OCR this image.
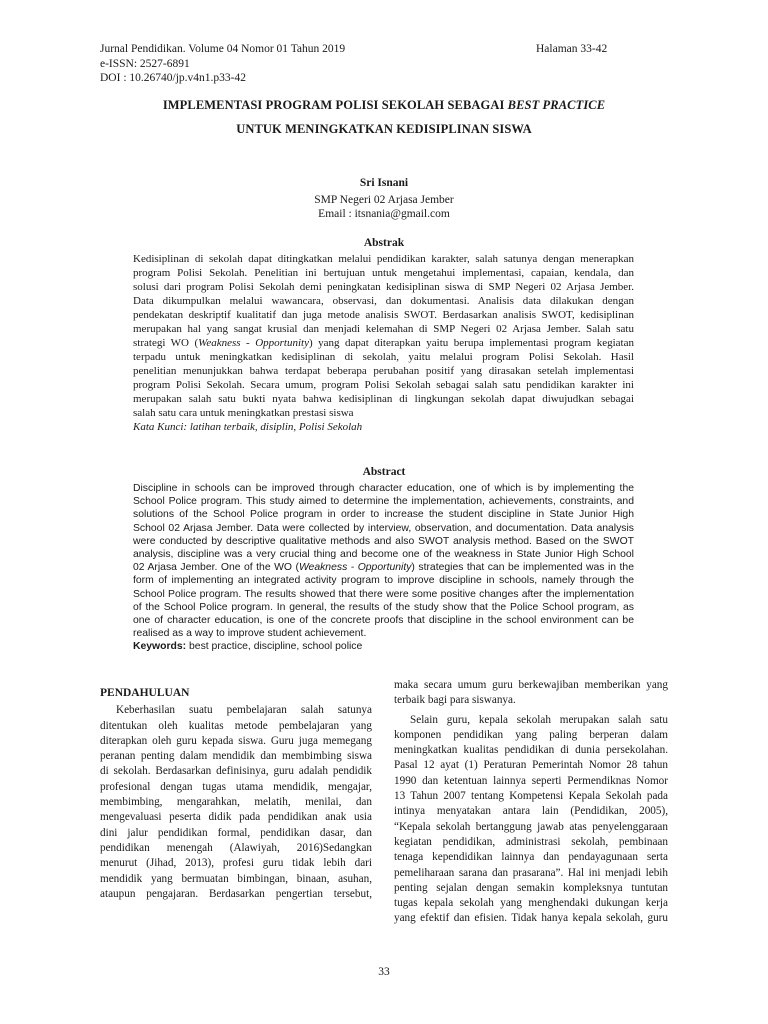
Jurnal Pendidikan. Volume 04 Nomor 01 Tahun 2019
e-ISSN: 2527-6891
DOI : 10.26740/jp.v4n1.p33-42
Halaman 33-42
IMPLEMENTASI PROGRAM POLISI SEKOLAH SEBAGAI BEST PRACTICE
UNTUK MENINGKATKAN KEDISIPLINAN SISWA
Sri Isnani
SMP Negeri 02 Arjasa Jember
Email : itsnania@gmail.com
Abstrak
Kedisiplinan di sekolah dapat ditingkatkan melalui pendidikan karakter, salah satunya dengan menerapkan
program Polisi Sekolah. Penelitian ini bertujuan untuk mengetahui implementasi, capaian, kendala, dan
solusi dari program Polisi Sekolah demi peningkatan kedisiplinan siswa di SMP Negeri 02 Arjasa Jember.
Data dikumpulkan melalui wawancara, observasi, dan dokumentasi. Analisis data dilakukan dengan
pendekatan deskriptif kualitatif dan juga metode analisis SWOT. Berdasarkan analisis SWOT, kedisiplinan
merupakan hal yang sangat krusial dan menjadi kelemahan di SMP Negeri 02 Arjasa Jember. Salah satu
strategi WO (Weakness - Opportunity) yang dapat diterapkan yaitu berupa implementasi program kegiatan
terpadu untuk meningkatkan kedisiplinan di sekolah, yaitu melalui program Polisi Sekolah. Hasil
penelitian menunjukkan bahwa terdapat beberapa perubahan positif yang dirasakan setelah implementasi
program Polisi Sekolah. Secara umum, program Polisi Sekolah sebagai salah satu pendidikan karakter ini
merupakan salah satu bukti nyata bahwa kedisiplinan di lingkungan sekolah dapat diwujudkan sebagai
salah satu cara untuk meningkatkan prestasi siswa
Kata Kunci: latihan terbaik, disiplin, Polisi Sekolah
Abstract
Discipline in schools can be improved through character education, one of which is by implementing the
School Police program. This study aimed to determine the implementation, achievements, constraints, and
solutions of the School Police program in order to increase the student discipline in State Junior High
School 02 Arjasa Jember. Data were collected by interview, observation, and documentation. Data analysis
were conducted by descriptive qualitative methods and also SWOT analysis method. Based on the SWOT
analysis, discipline was a very crucial thing and become one of the weakness in State Junior High School
02 Arjasa Jember. One of the WO (Weakness - Opportunity) strategies that can be implemented was in the
form of implementing an integrated activity program to improve discipline in schools, namely through the
School Police program. The results showed that there were some positive changes after the implementation
of the School Police program. In general, the results of the study show that the Police School program, as
one of character education, is one of the concrete proofs that discipline in the school environment can be
realised as a way to improve student achievement.
Keywords: best practice, discipline, school police
PENDAHULUAN
Keberhasilan suatu pembelajaran salah satunya
ditentukan oleh kualitas metode pembelajaran yang
diterapkan oleh guru kepada siswa. Guru juga memegang
peranan penting dalam mendidik dan membimbing siswa
di sekolah. Berdasarkan definisinya, guru adalah pendidik
profesional dengan tugas utama mendidik, mengajar,
membimbing, mengarahkan, melatih, menilai, dan
mengevaluasi peserta didik pada pendidikan anak usia
dini jalur pendidikan formal, pendidikan dasar, dan
pendidikan menengah (Alawiyah, 2016)Sedangkan
menurut (Jihad, 2013), profesi guru tidak lebih dari
mendidik yang bermuatan bimbingan, binaan, asuhan,
ataupun pengajaran. Berdasarkan pengertian tersebut,
maka secara umum guru berkewajiban memberikan yang
terbaik bagi para siswanya.
Selain guru, kepala sekolah merupakan salah satu
komponen pendidikan yang paling berperan dalam
meningkatkan kualitas pendidikan di dunia persekolahan.
Pasal 12 ayat (1) Peraturan Pemerintah Nomor 28 tahun
1990 dan ketentuan lainnya seperti Permendiknas Nomor
13 Tahun 2007 tentang Kompetensi Kepala Sekolah pada
intinya menyatakan antara lain (Pendidikan, 2005),
“Kepala sekolah bertanggung jawab atas penyelenggaraan
kegiatan pendidikan, administrasi sekolah, pembinaan
tenaga kependidikan lainnya dan pendayagunaan serta
pemeliharaan sarana dan prasarana”. Hal ini menjadi lebih
penting sejalan dengan semakin kompleksnya tuntutan
tugas kepala sekolah yang menghendaki dukungan kerja
yang efektif dan efisien. Tidak hanya kepala sekolah, guru
33
